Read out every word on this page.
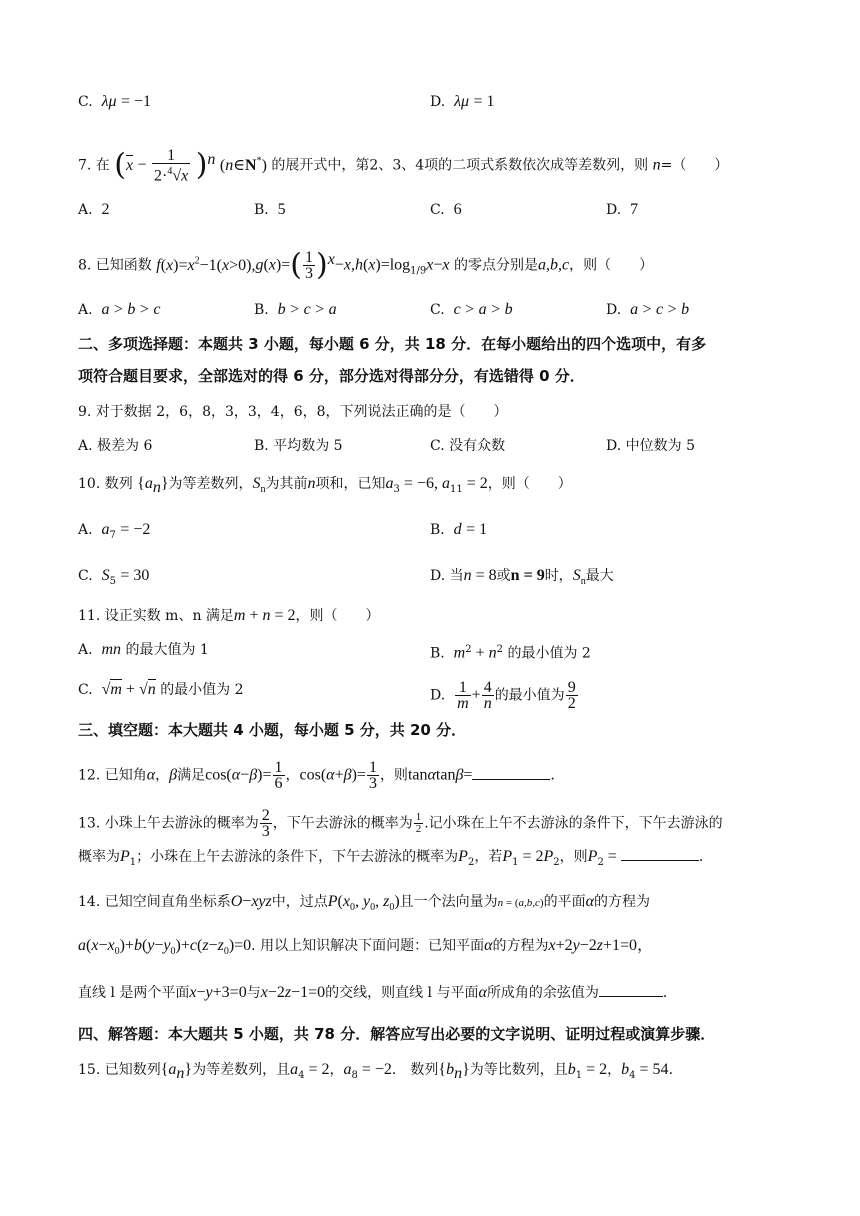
C. λμ = −1	D. λμ = 1
7. 在 $(x - \frac{1}{2\cdot^4√x} )^n$ (n∈N*) 的展开式中，第2、3、4项的二项式系数依次成等差数列，则 n=（　　）
A. 2	B. 5	C. 6	D. 7
8. 已知函数 $f(x)=x^2-1(x>0),g(x)=( \frac{1}{3} )^x-x,h(x)=\log_{1/9}x-x$ 的零点分别是a,b,c，则（　　）
A. a > b > c	B. b > c > a	C. c > a > b	D. a > c > b
二、多项选择题：本题共 3 小题，每小题 6 分，共 18 分．在每小题给出的四个选项中，有多
项符合题目要求，全部选对的得 6 分，部分选对得部分分，有选错得 0 分．
9. 对于数据 2，6，8，3，3，4，6，8，下列说法正确的是（　　）
A. 极差为 6	B. 平均数为 5	C. 没有众数	D. 中位数为 5
10. 数列 $\{a_n\}$为等差数列，$S_n$为其前n项和，已知$a_3 = -6$, $a_{11} = 2$，则（　　）
A. $a_7 = -2$	B. d = 1
C. $S_5 = 30$	D. 当n = 8或n = 9时，$S_n$最大
11. 设正实数 m、n 满足m + n = 2，则（　　）
A. mn 的最大值为 1	B. $m^2 + n^2$ 的最小值为 2
C. √m + √n 的最小值为 2	D. $\frac{1}{m} + \frac{4}{n}$ 的最小值为 $\frac{9}{2}$
三、填空题：本大题共 4 小题，每小题 5 分，共 20 分．
12. 已知角α，β满足$\cos(\alpha-\beta)= \frac{1}{6}$ ，$\cos(\alpha+\beta)= \frac{1}{3}$ ，则tanαtanβ=	．
13. 小珠上午去游泳的概率为 $\frac{2}{3}$ ，下午去游泳的概率为 $\frac{1}{2}$ .记小珠在上午不去游泳的条件下，下午去游泳的
概率为$P_1$；小珠在上午去游泳的条件下，下午去游泳的概率为$P_2$，若$P_1 = 2P_2$，则$P_2$ =	．
14. 已知空间直角坐标系O−xyz中，过点$P(x_0$, $y_0$, $z_0$)且一个法向量为n = (a,b,c)的平面α的方程为
$a(x-x_0)+b(y-y_0)+c(z-z_0)=0$. 用以上知识解决下面问题：已知平面α的方程为x+2y−2z+1=0，
直线 l 是两个平面x−y+3=0与x−2z−1=0的交线，则直线 l 与平面α所成角的余弦值为	．
四、解答题：本大题共 5 小题，共 78 分．解答应写出必要的文字说明、证明过程或演算步骤．
15. 已知数列$\{a_n\}$为等差数列，且$a_4 = 2$，$a_8 = -2$． 数列$\{b_n\}$为等比数列，且$b_1 = 2$，$b_4 = 54$．
